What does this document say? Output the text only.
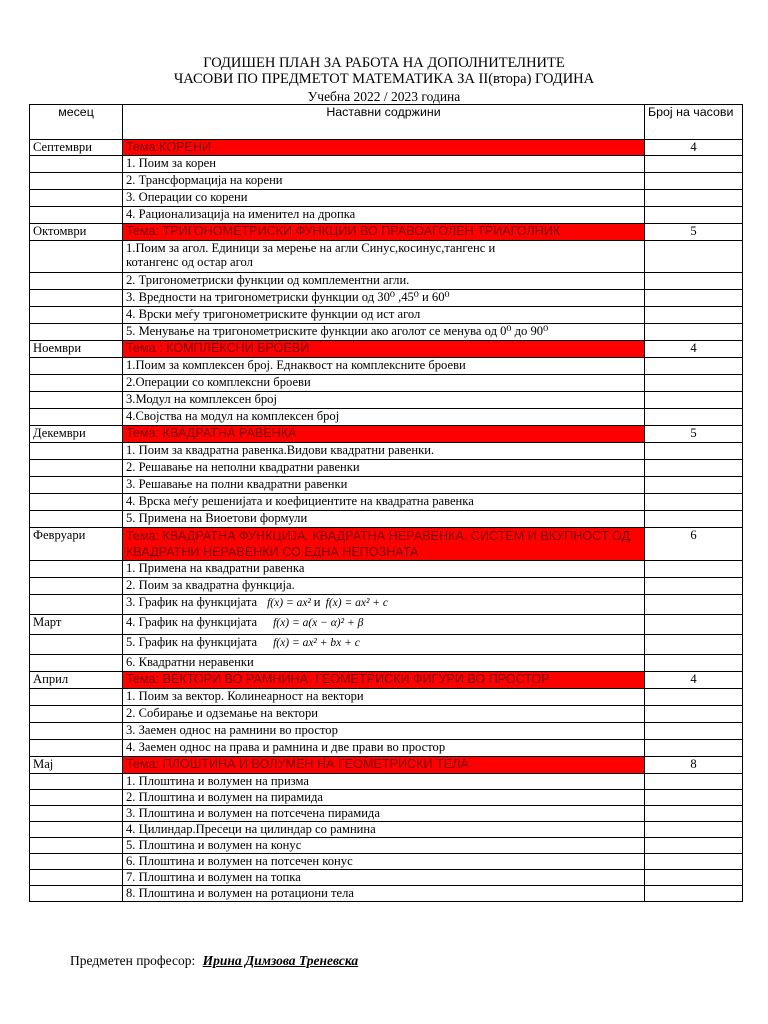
ГОДИШЕН ПЛАН ЗА РАБОТА НА ДОПОЛНИТЕЛНИТЕ
ЧАСОВИ ПО ПРЕДМЕТОТ МАТЕМАТИКА ЗА II(втора) ГОДИНА
Учебна 2022 / 2023 година
месец	Наставни содржини	Број на часови
Септември	Тема:КОРЕНИ	4
	1. Поим за корен	
	2. Трансформација на корени	
	3. Операции со корени	
	4. Рационализација на именител на дропка	
Октомври	Тема: ТРИГОНОМЕТРИСКИ ФУНКЦИИ ВО ПРАВОАГОЛЕН ТРИАГОЛНИК	5
	1.Поим за агол. Единици за мерење на агли Синус,косинус,тангенс и котангенс од остар агол	
	2. Тригонометриски функции од комплементни агли.	
	3. Вредности на тригонометриски функции од 30⁰ ,45⁰ и 60⁰	
	4. Врски меѓу тригонометриските функции од ист агол	
	5. Менување на тригонометриските функции ако аголот се менува од 0⁰ до 90⁰	
Ноември	Тема : КОМПЛЕКСНИ БРОЕВИ	4
	1.Поим за комплексен број. Еднаквост на комплексните броеви	
	2.Операции со комплексни броеви	
	3.Модул на комплексен број	
	4.Својства на модул на комплексен број	
Декември	Тема: КВАДРАТНА РАВЕНКА	5
	1. Поим за квадратна равенка.Видови квадратни равенки.	
	2. Решавање на неполни квадратни равенки	
	3. Решавање на полни квадратни равенки	
	4. Врска меѓу решенијата и коефициентите на квадратна равенка	
	5. Примена на Виоетови формули	
Февруари	Тема: КВАДРАТНА ФУНКЦИЈА, КВАДРАТНА НЕРАВЕНКА, СИСТЕМ И ВКУПНОСТ ОД КВАДРАТНИ НЕРАВЕНКИ СО ЕДНА НЕПОЗНАТА	6
	1. Примена на квадратни равенка	
	2. Поим за квадратна функција.	
	3. График на функцијата f(x) = ax² и f(x) = ax² + c	
Март	4. График на функцијата f(x) = a(x − α)² + β	
	5. График на функцијата f(x) = ax² + bx + c	
	6. Квадратни неравенки	
Април	Тема: ВЕКТОРИ ВО РАМНИНА. ГЕОМЕТРИСКИ ФИГУРИ ВО ПРОСТОР	4
	1. Поим за вектор. Колинеарност на вектори	
	2. Собирање и одземање на вектори	
	3. Заемен однос на рамнини во простор	
	4. Заемен однос на права и рамнина и две прави во простор	
Мај	Тема: ПЛОШТИНА И ВОЛУМЕН НА ГЕОМЕТРИСКИ ТЕЛА	8
	1. Плоштина и волумен на призма	
	2. Плоштина и волумен на пирамида	
	3. Плоштина и волумен на потсечена пирамида	
	4. Цилиндар.Пресеци на цилиндар со рамнина	
	5. Плоштина и волумен на конус	
	6. Плоштина и волумен на потсечен конус	
	7. Плоштина и волумен на топка	
	8. Плоштина и волумен на ротациони тела	
Предметен професор: Ирина Димзова Треневска
